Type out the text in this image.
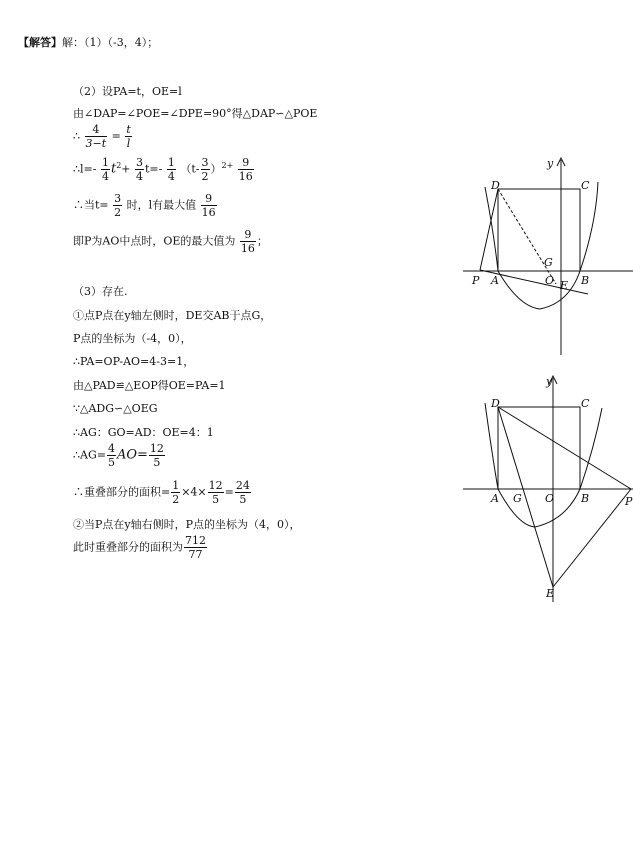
【解答】解：（1）（-3，4）；
（2）设PA=t，OE=l
由∠DAP=∠POE=∠DPE=90°得△DAP∽△POE
∴ $\frac{4}{3-t} = \frac{t}{l}$
∴l=- $\frac{1}{4} t^2+ \frac{3}{4} t=- \frac{1}{4} (t- \frac{3}{2} )^{2+} \frac{9}{16}$
∴当$t= \frac{3}{2}$ 时，l有最大值 $\frac{9}{16}$
即P为AO中点时，OE的最大值为 $\frac{9}{16}$ ；
（3）存在.
①点P点在y轴左侧时，DE交AB于点G，
P点的坐标为（-4，0），
∴PA=OP-AO=4-3=1，
由△PAD≌△EOP得OE=PA=1
∵△ADG∽△OEG
∴AG：GO=AD：OE=4：1
∴AG= $\frac{4}{5} AO= \frac{12}{5}$
∴重叠部分的面积= $\frac{1}{2} \times 4\times \frac{12}{5} = \frac{24}{5}$
②当P点在y轴右侧时，P点的坐标为（4，0），
此时重叠部分的面积为 $\frac{712}{77}$
D	C
y
G
P A	O E B
D	C
y
A G O B	P
E
